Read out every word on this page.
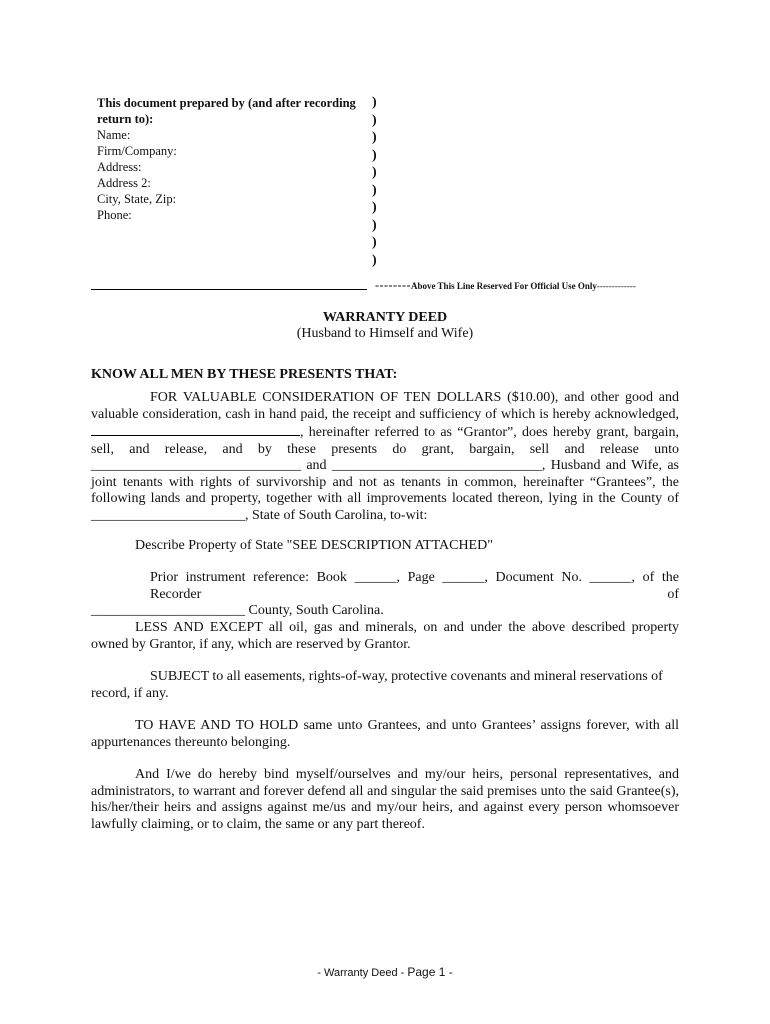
This document prepared by (and after recording
return to):
Name:
Firm/Company:
Address:
Address 2:
City, State, Zip:
Phone:
)
)
)
)
)
)
)
)
)
)
--------Above This Line Reserved For Official Use Only-------------
WARRANTY DEED
(Husband to Himself and Wife)
KNOW ALL MEN BY THESE PRESENTS THAT:
FOR VALUABLE CONSIDERATION OF TEN DOLLARS ($10.00), and other good and
valuable consideration, cash in hand paid, the receipt and sufficiency of which is hereby acknowledged,
, hereinafter referred to as “Grantor”, does hereby grant, bargain,
sell, and release, and by these presents do grant, bargain, sell and release unto
______________________________ and ______________________________, Husband and Wife, as
joint tenants with rights of survivorship and not as tenants in common, hereinafter “Grantees”, the
following lands and property, together with all improvements located thereon, lying in the County of
______________________, State of South Carolina, to-wit:
Describe Property of State "SEE DESCRIPTION ATTACHED"
Prior instrument reference: Book ______, Page ______, Document No. ______, of the Recorder of
______________________ County, South Carolina.
LESS AND EXCEPT all oil, gas and minerals, on and under the above described property owned by Grantor, if any, which are reserved by Grantor.
SUBJECT to all easements, rights-of-way, protective covenants and mineral reservations of
record, if any.
TO HAVE AND TO HOLD same unto Grantees, and unto Grantees’ assigns forever, with all appurtenances thereunto belonging.
And I/we do hereby bind myself/ourselves and my/our heirs, personal representatives, and administrators, to warrant and forever defend all and singular the said premises unto the said Grantee(s), his/her/their heirs and assigns against me/us and my/our heirs, and against every person whomsoever lawfully claiming, or to claim, the same or any part thereof.
- Warranty Deed - Page 1 -
